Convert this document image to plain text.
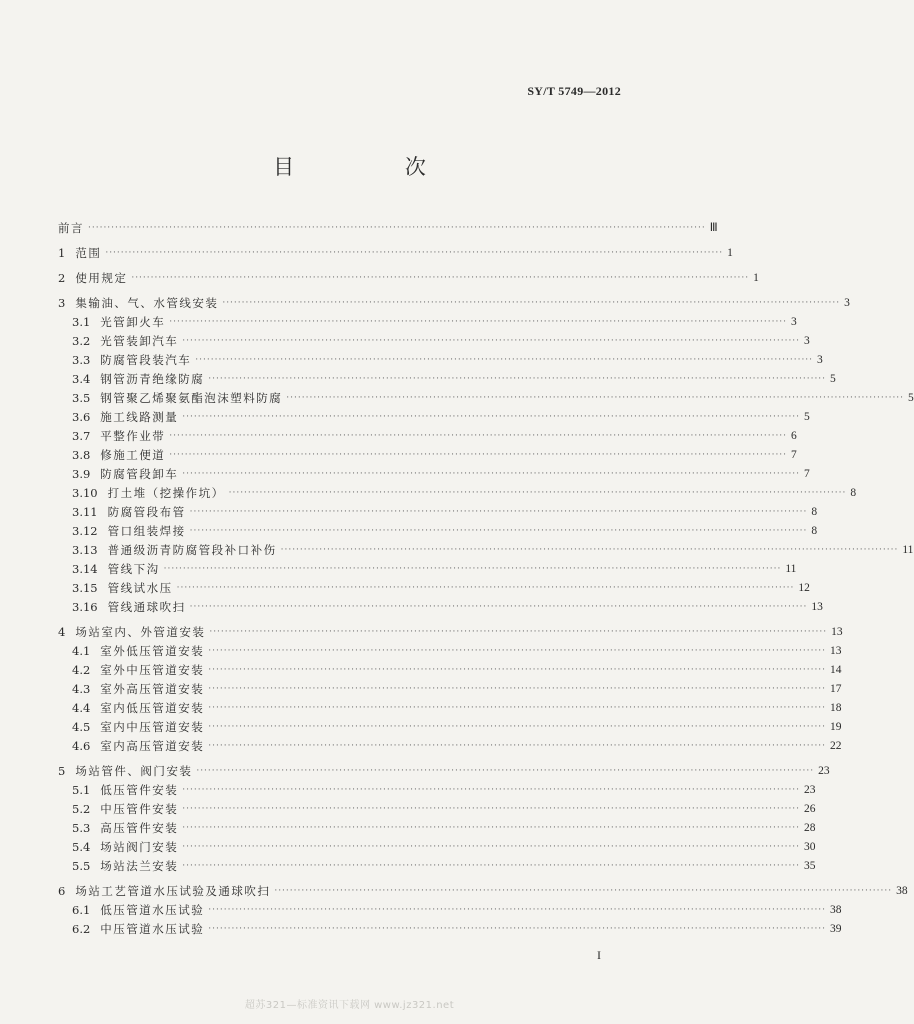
SY/T 5749—2012
目 次
前言 ································································································································································ Ⅲ
1 范围 ································································································································································ 1
2 使用规定 ································································································································································ 1
3 集输油、气、水管线安装 ································································································································································ 3
3.1 光管卸火车 ································································································································································ 3
3.2 光管装卸汽车 ································································································································································ 3
3.3 防腐管段装汽车 ································································································································································ 3
3.4 钢管沥青绝缘防腐 ································································································································································ 5
3.5 钢管聚乙烯聚氨酯泡沫塑料防腐 ································································································································································ 5
3.6 施工线路测量 ································································································································································ 5
3.7 平整作业带 ································································································································································ 6
3.8 修施工便道 ································································································································································ 7
3.9 防腐管段卸车 ································································································································································ 7
3.10 打土堆（挖操作坑） ································································································································································ 8
3.11 防腐管段布管 ································································································································································ 8
3.12 管口组装焊接 ································································································································································ 8
3.13 普通级沥青防腐管段补口补伤 ································································································································································ 11
3.14 管线下沟 ································································································································································ 11
3.15 管线试水压 ································································································································································ 12
3.16 管线通球吹扫 ································································································································································ 13
4 场站室内、外管道安装 ································································································································································ 13
4.1 室外低压管道安装 ································································································································································ 13
4.2 室外中压管道安装 ································································································································································ 14
4.3 室外高压管道安装 ································································································································································ 17
4.4 室内低压管道安装 ································································································································································ 18
4.5 室内中压管道安装 ································································································································································ 19
4.6 室内高压管道安装 ································································································································································ 22
5 场站管件、阀门安装 ································································································································································ 23
5.1 低压管件安装 ································································································································································ 23
5.2 中压管件安装 ································································································································································ 26
5.3 高压管件安装 ································································································································································ 28
5.4 场站阀门安装 ································································································································································ 30
5.5 场站法兰安装 ································································································································································ 35
6 场站工艺管道水压试验及通球吹扫 ································································································································································ 38
6.1 低压管道水压试验 ································································································································································ 38
6.2 中压管道水压试验 ································································································································································ 39
I
超苏321—标准资讯下载网 www.jz321.net
